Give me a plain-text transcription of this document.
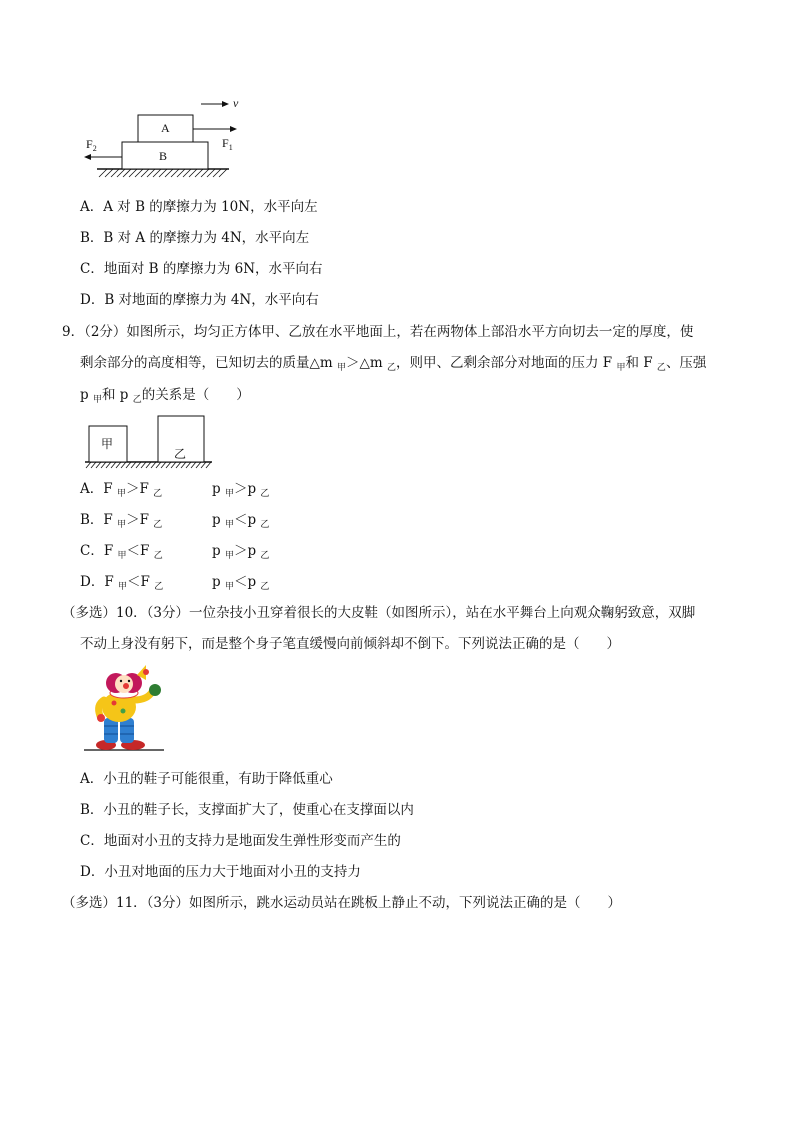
B
A
v
$F_1$
$F_2$
A．A 对 B 的摩擦力为 10N，水平向左
B．B 对 A 的摩擦力为 4N，水平向左
C．地面对 B 的摩擦力为 6N，水平向右
D．B 对地面的摩擦力为 4N，水平向右
9．（2分）如图所示，均匀正方体甲、乙放在水平地面上，若在两物体上部沿水平方向切去一定的厚度，使
剩余部分的高度相等，已知切去的质量△m $_甲$＞△m $_乙$，则甲、乙剩余部分对地面的压力 F $_甲$和 F $_乙$、压强
p $_甲$和 p $_乙$的关系是（　　）
甲
乙
A．F $_甲$＞F $_乙$	p $_甲$＞p $_乙$
B．F $_甲$＞F $_乙$	p $_甲$＜p $_乙$
C．F $_甲$＜F $_乙$	p $_甲$＞p $_乙$
D．F $_甲$＜F $_乙$	p $_甲$＜p $_乙$
（多选）10．（3分）一位杂技小丑穿着很长的大皮鞋（如图所示），站在水平舞台上向观众鞠躬致意，双脚
不动上身没有躬下，而是整个身子笔直缓慢向前倾斜却不倒下。下列说法正确的是（　　）
A．小丑的鞋子可能很重，有助于降低重心
B．小丑的鞋子长，支撑面扩大了，使重心在支撑面以内
C．地面对小丑的支持力是地面发生弹性形变而产生的
D．小丑对地面的压力大于地面对小丑的支持力
（多选）11．（3分）如图所示，跳水运动员站在跳板上静止不动，下列说法正确的是（　　）
